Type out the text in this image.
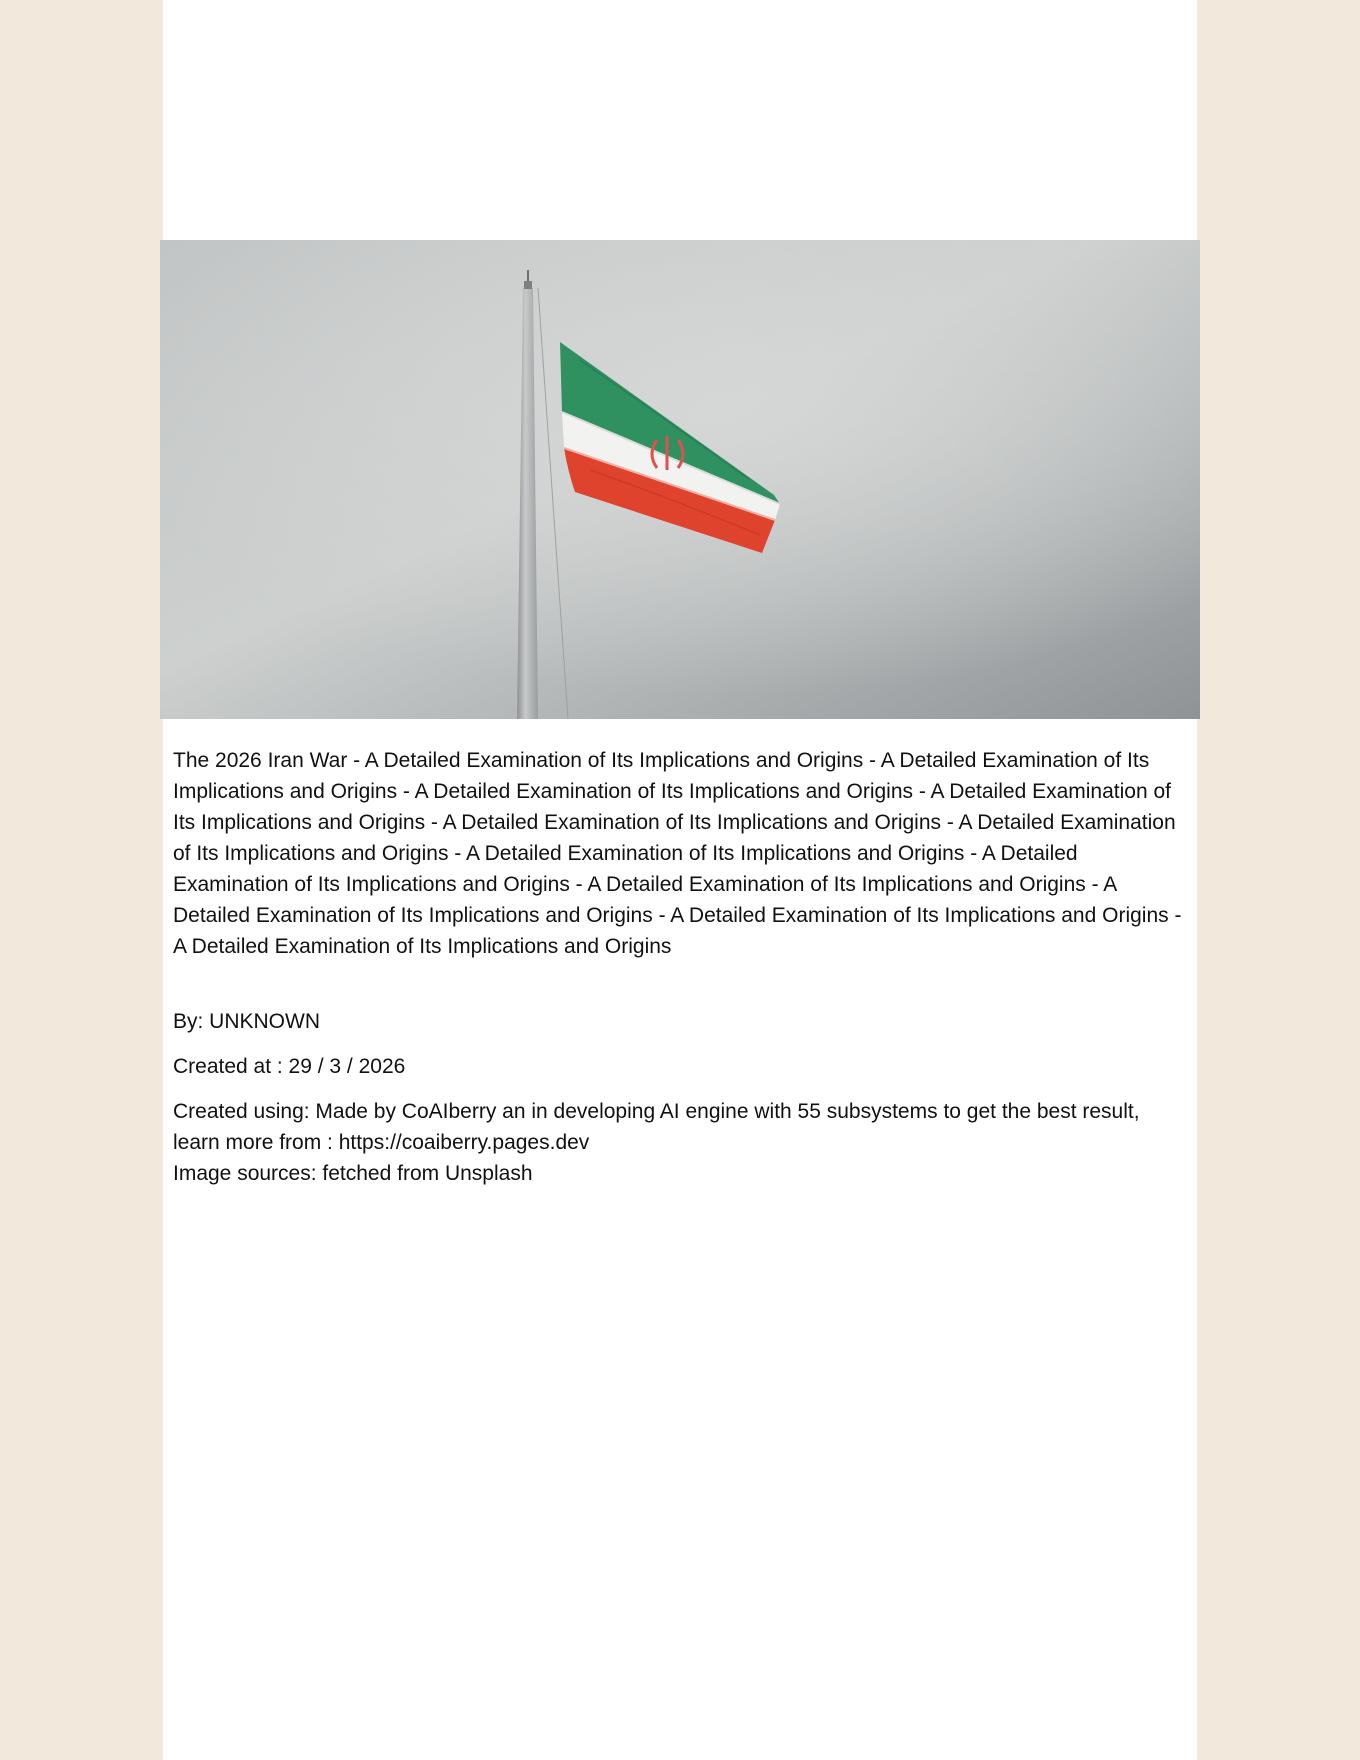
The 2026 Iran War - A Detailed Examination of Its Implications and Origins - A Detailed Examination of Its Implications and Origins - A Detailed Examination of Its Implications and Origins - A Detailed Examination of Its Implications and Origins - A Detailed Examination of Its Implications and Origins - A Detailed Examination of Its Implications and Origins - A Detailed Examination of Its Implications and Origins - A Detailed Examination of Its Implications and Origins - A Detailed Examination of Its Implications and Origins - A Detailed Examination of Its Implications and Origins - A Detailed Examination of Its Implications and Origins - A Detailed Examination of Its Implications and Origins
By: UNKNOWN
Created at : 29 / 3 / 2026
Created using: Made by CoAIberry an in developing AI engine with 55 subsystems to get the best result, learn more from : https://coaiberry.pages.dev
Image sources: fetched from Unsplash
